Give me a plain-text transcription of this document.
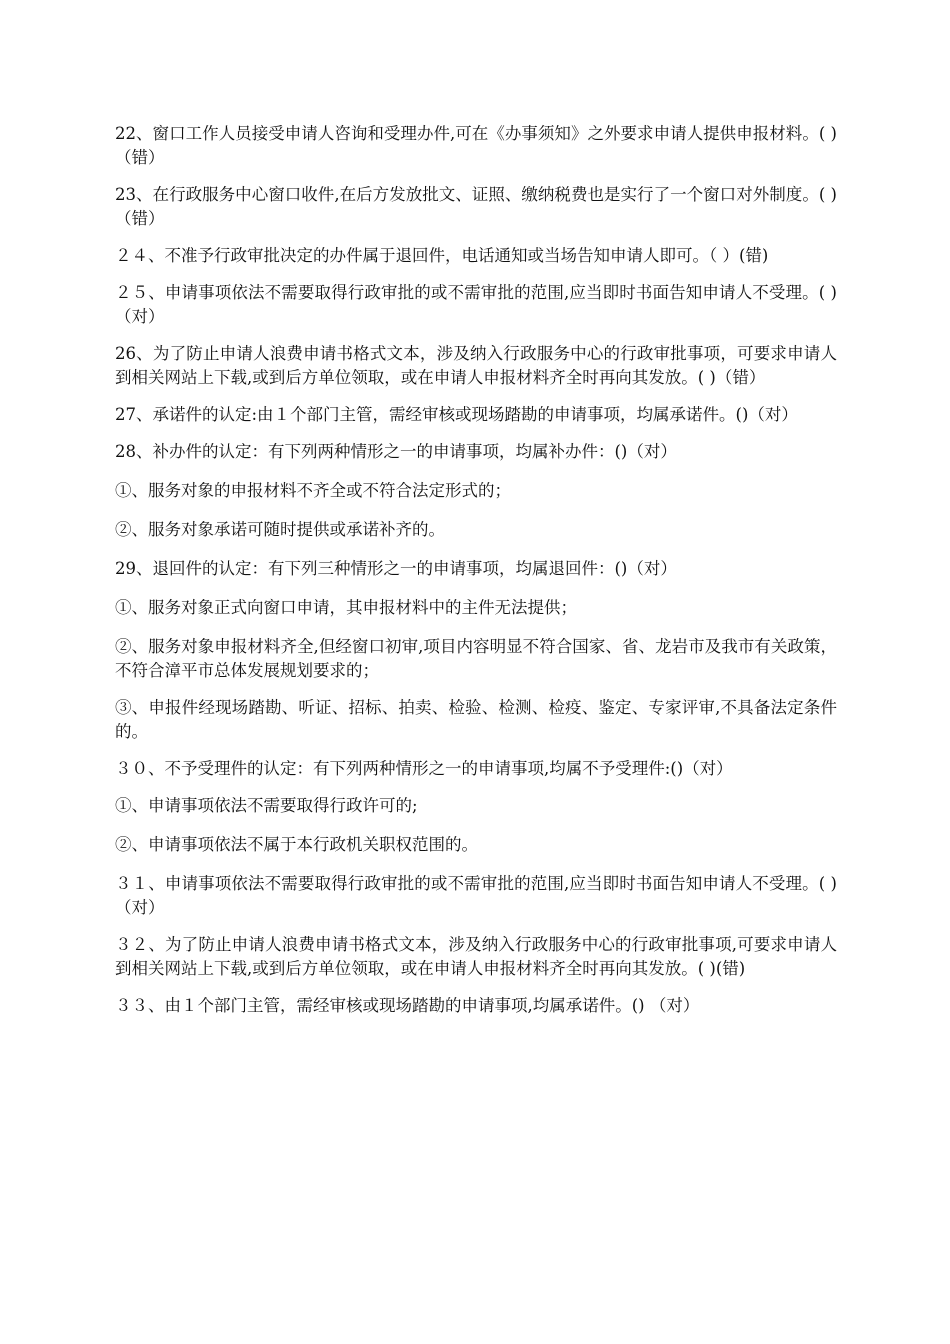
22、窗口工作人员接受申请人咨询和受理办件,可在《办事须知》之外要求申请人提供申报材料。( )（错）

23、在行政服务中心窗口收件,在后方发放批文、证照、缴纳税费也是实行了一个窗口对外制度。( )（错）

２４、不准予行政审批决定的办件属于退回件，电话通知或当场告知申请人即可。（ ）(错)

２５、申请事项依法不需要取得行政审批的或不需审批的范围,应当即时书面告知申请人不受理。( ) （对）

26、为了防止申请人浪费申请书格式文本，涉及纳入行政服务中心的行政审批事项，可要求申请人到相关网站上下载,或到后方单位领取，或在申请人申报材料齐全时再向其发放。( )（错）

27、承诺件的认定:由１个部门主管，需经审核或现场踏勘的申请事项，均属承诺件。()（对）

28、补办件的认定：有下列两种情形之一的申请事项，均属补办件：()（对）

①、服务对象的申报材料不齐全或不符合法定形式的；

②、服务对象承诺可随时提供或承诺补齐的。

29、退回件的认定：有下列三种情形之一的申请事项，均属退回件：()（对）

①、服务对象正式向窗口申请，其申报材料中的主件无法提供；

②、服务对象申报材料齐全,但经窗口初审,项目内容明显不符合国家、省、龙岩市及我市有关政策，不符合漳平市总体发展规划要求的；

③、申报件经现场踏勘、听证、招标、拍卖、检验、检测、检疫、鉴定、专家评审,不具备法定条件的。

３０、不予受理件的认定：有下列两种情形之一的申请事项,均属不予受理件:()（对）

①、申请事项依法不需要取得行政许可的;

②、申请事项依法不属于本行政机关职权范围的。

３１、申请事项依法不需要取得行政审批的或不需审批的范围,应当即时书面告知申请人不受理。( )（对）

３２、为了防止申请人浪费申请书格式文本，涉及纳入行政服务中心的行政审批事项,可要求申请人到相关网站上下载,或到后方单位领取，或在申请人申报材料齐全时再向其发放。( )(错)

３３、由１个部门主管，需经审核或现场踏勘的申请事项,均属承诺件。() （对）
